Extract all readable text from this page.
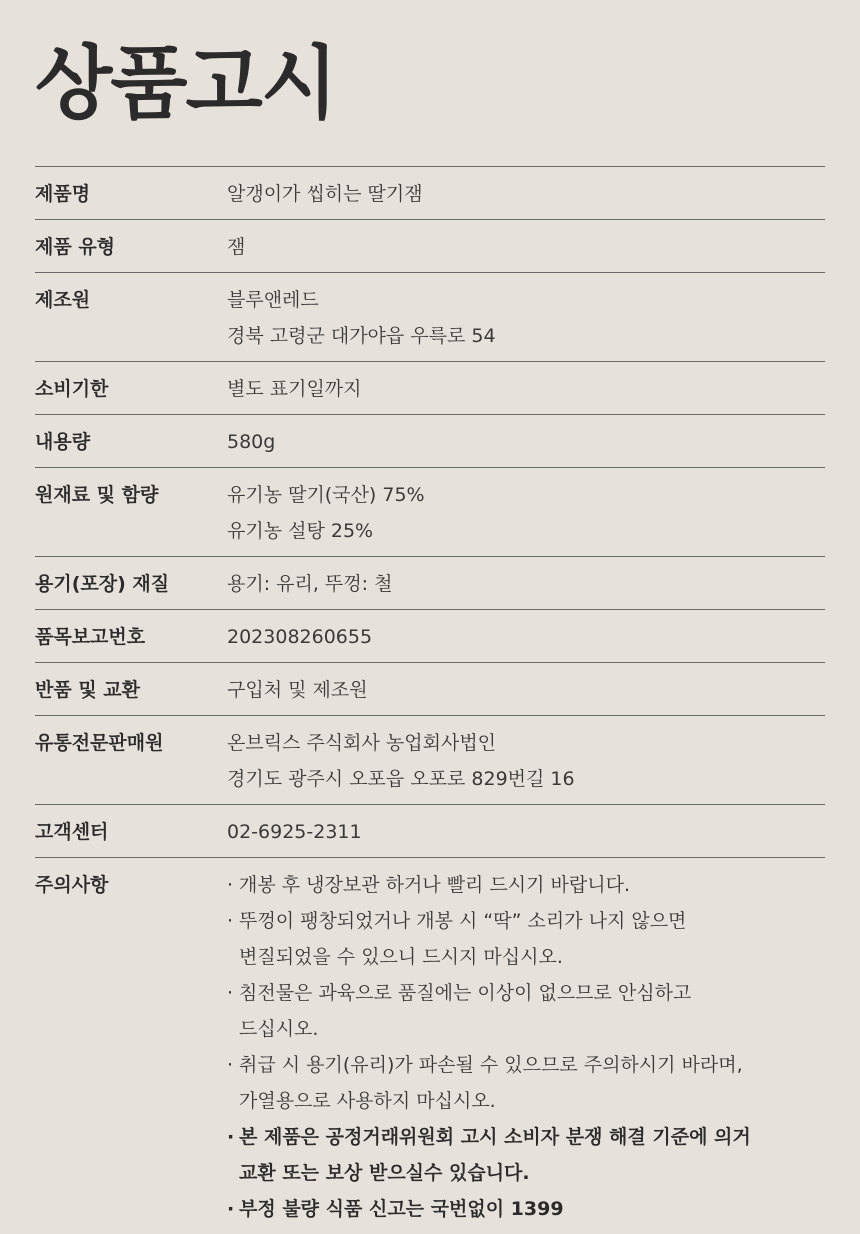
상품고시
제품명	알갱이가 씹히는 딸기잼
제품 유형	잼
제조원	블루앤레드
경북 고령군 대가야읍 우륵로 54
소비기한	별도 표기일까지
내용량	580g
원재료 및 함량	유기농 딸기(국산) 75%
유기농 설탕 25%
용기(포장) 재질	용기: 유리, 뚜껑: 철
품목보고번호	202308260655
반품 및 교환	구입처 및 제조원
유통전문판매원	온브릭스 주식회사 농업회사법인
경기도 광주시 오포읍 오포로 829번길 16
고객센터	02-6925-2311
주의사항	· 개봉 후 냉장보관 하거나 빨리 드시기 바랍니다.
· 뚜껑이 팽창되었거나 개봉 시 “딱” 소리가 나지 않으면
변질되었을 수 있으니 드시지 마십시오.
· 침전물은 과육으로 품질에는 이상이 없으므로 안심하고
드십시오.
· 취급 시 용기(유리)가 파손될 수 있으므로 주의하시기 바라며,
가열용으로 사용하지 마십시오.
· 본 제품은 공정거래위원회 고시 소비자 분쟁 해결 기준에 의거
교환 또는 보상 받으실수 있습니다.
· 부정 불량 식품 신고는 국번없이 1399
